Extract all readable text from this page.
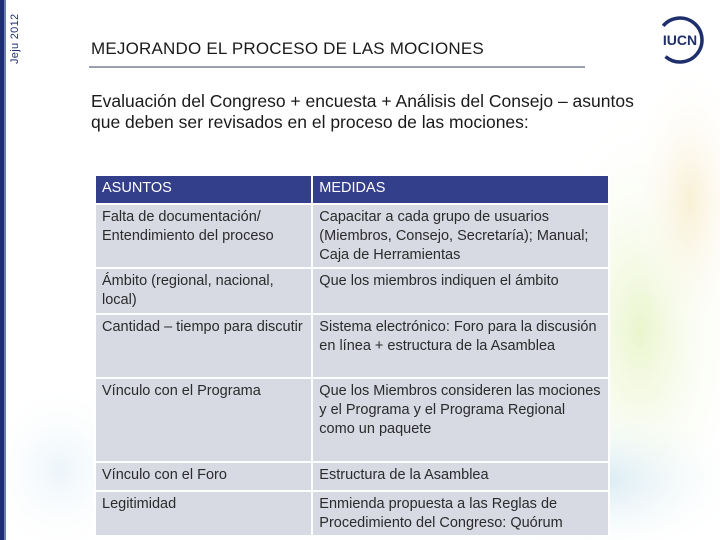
Jeju 2012	MEJORANDO EL PROCESO DE LAS MOCIONES	IUCN
Evaluación del Congreso + encuesta + Análisis del Consejo – asuntos que deben ser revisados en el proceso de las mociones:
ASUNTOS	MEDIDAS
Falta de documentación/ Entendimiento del proceso	Capacitar a cada grupo de usuarios (Miembros, Consejo, Secretaría); Manual; Caja de Herramientas
Ámbito (regional, nacional, local)	Que los miembros indiquen el ámbito
Cantidad – tiempo para discutir	Sistema electrónico: Foro para la discusión en línea + estructura de la Asamblea
Vínculo con el Programa	Que los Miembros consideren las mociones y el Programa y el Programa Regional como un paquete
Vínculo con el Foro	Estructura de la Asamblea
Legitimidad	Enmienda propuesta a las Reglas de Procedimiento del Congreso: Quórum
